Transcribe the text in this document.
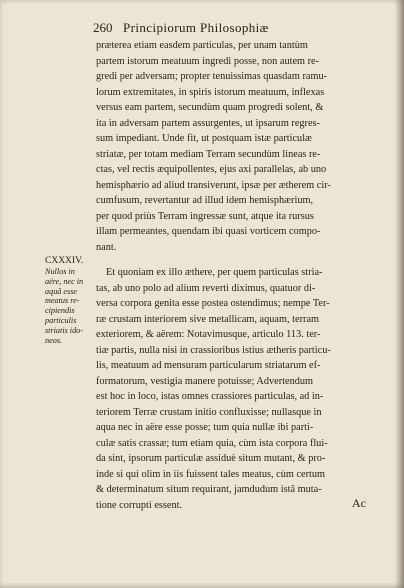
260 Principiorum Philosophiæ
præterea etiam easdem particulas, per unam tantùm
partem istorum meatuum ingredi posse, non autem re-
gredi per adversam; propter tenuissimas quasdam ramu-
lorum extremitates, in spiris istorum meatuum, inflexas
versus eam partem, secundùm quam progredi solent, &
ita in adversam partem assurgentes, ut ipsarum regres-
sum impediant. Unde fit, ut postquam istæ particulæ
striatæ, per totam mediam Terram secundùm lineas re-
ctas, vel rectis æquipollentes, ejus axi parallelas, ab uno
hemisphærio ad aliud transiverunt, ipsæ per ætherem cir-
cumfusum, revertantur ad illud idem hemisphærium,
per quod priùs Terram ingressæ sunt, atque ita rursus
illam permeantes, quendam ibi quasi vorticem compo-
nant.
Et quoniam ex illo æthere, per quem particulas stria-
tas, ab uno polo ad alium reverti diximus, quatuor di-
versa corpora genita esse postea ostendimus; nempe Ter-
ræ crustam interiorem sive metallicam, aquam, terram
exteriorem, & aërem: Notavimusque, articulo 113. ter-
tiæ partis, nulla nisi in crassioribus istius ætheris particu-
lis, meatuum ad mensuram particularum striatarum ef-
formatorum, vestigia manere potuisse; Advertendum
est hoc in loco, istas omnes crassiores particulas, ad in-
teriorem Terræ crustam initio confluxisse; nullasque in
aqua nec in aëre esse posse; tum quia nullæ ibi parti-
culæ satis crassæ; tum etiam quia, cùm ista corpora flui-
da sint, ipsorum particulæ assiduè situm mutant, & pro-
inde si qui olim in iis fuissent tales meatus, cùm certum
& determinatum situm requirant, jamdudum istâ muta-
tione corrupti essent.
CXXXIV.
Nullos in
aëre, nec in
aquâ esse
meatus re-
cipiendis
particulis
striatis ido-
neos.
Ac
